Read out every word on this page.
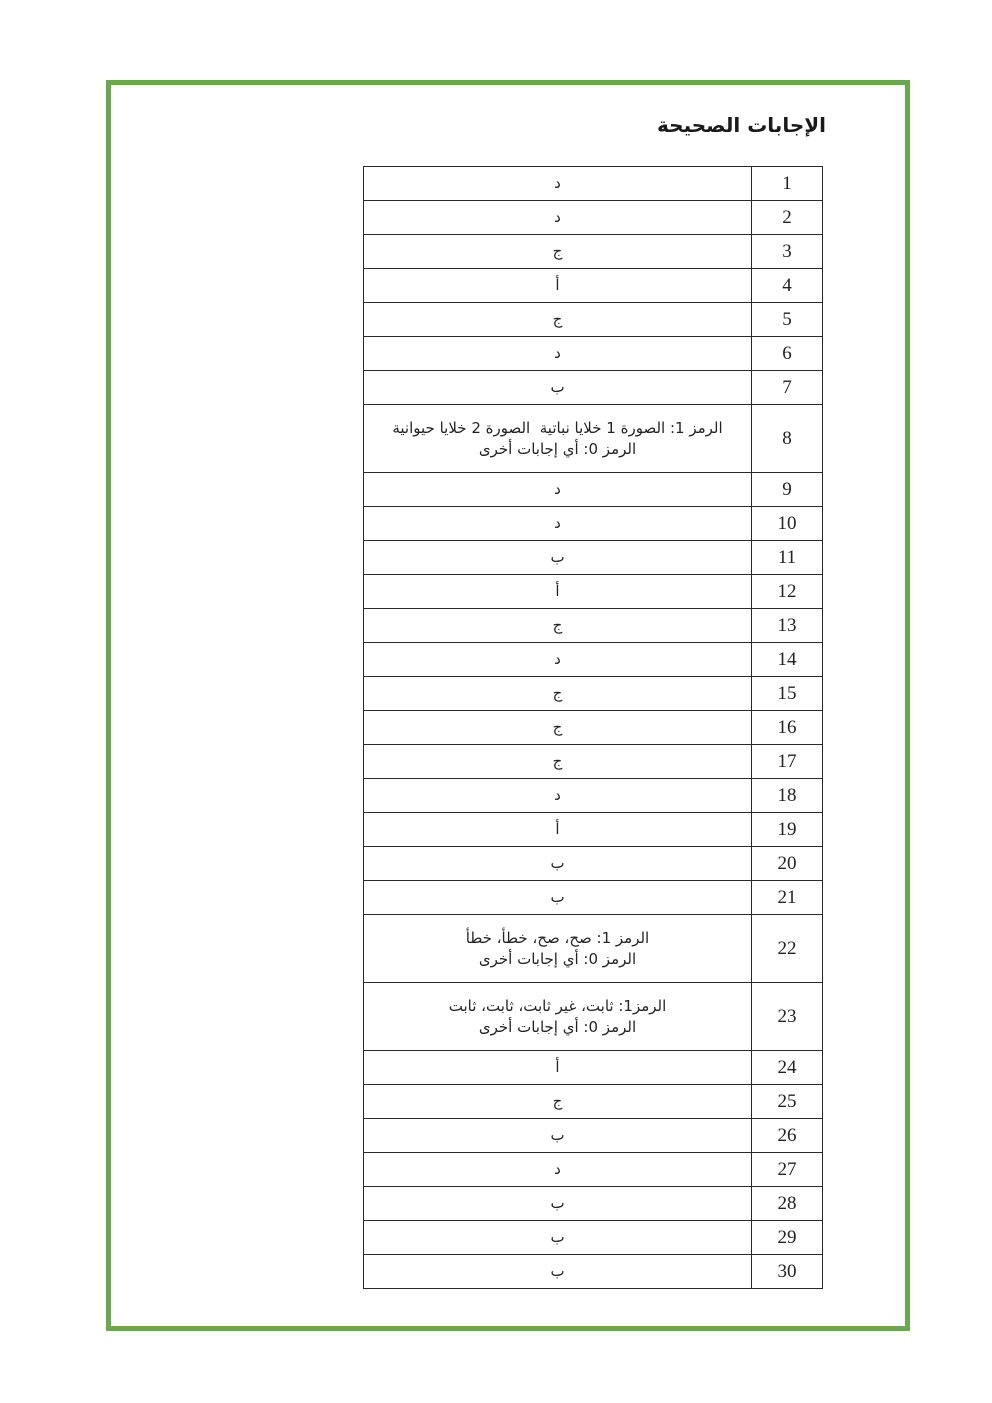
الإجابات الصحيحة
1	د

2	د

3	ج

4	أ

5	ج

6	د

7	ب

8	الرمز 1: الصورة 1 خلايا نباتية  الصورة 2 خلايا حيوانية
الرمز 0: أي إجابات أخرى

9	د

10	د

11	ب

12	أ

13	ج

14	د

15	ج

16	ج

17	ج

18	د

19	أ

20	ب

21	ب

22	الرمز 1: صح، صح، خطأ، خطأ
الرمز 0: أي إجابات أخرى

23	الرمز1: ثابت، غير ثابت، ثابت، ثابت
الرمز 0: أي إجابات أخرى

24	أ

25	ج

26	ب

27	د

28	ب

29	ب

30	ب
